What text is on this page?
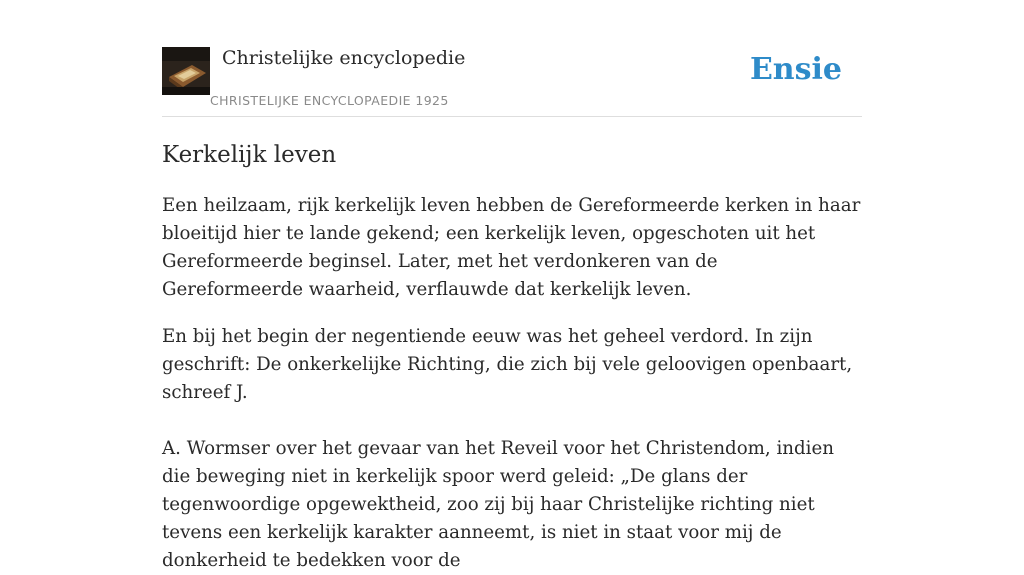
Christelijke encyclopedie
CHRISTELIJKE ENCYCLOPAEDIE 1925
Ensie
Kerkelijk leven

Een heilzaam, rijk kerkelijk leven hebben de Gereformeerde kerken in haar bloeitijd hier te lande gekend; een kerkelijk leven, opgeschoten uit het Gereformeerde beginsel. Later, met het verdonkeren van de Gereformeerde waarheid, verflauwde dat kerkelijk leven.

En bij het begin der negentiende eeuw was het geheel verdord. In zijn geschrift: De onkerkelijke Richting, die zich bij vele geloovigen openbaart, schreef J.

A. Wormser over het gevaar van het Reveil voor het Christendom, indien die beweging niet in kerkelijk spoor werd geleid: „De glans der tegenwoordige opgewektheid, zoo zij bij haar Christelijke richting niet tevens een kerkelijk karakter aanneemt, is niet in staat voor mij de donkerheid te bedekken voor de
